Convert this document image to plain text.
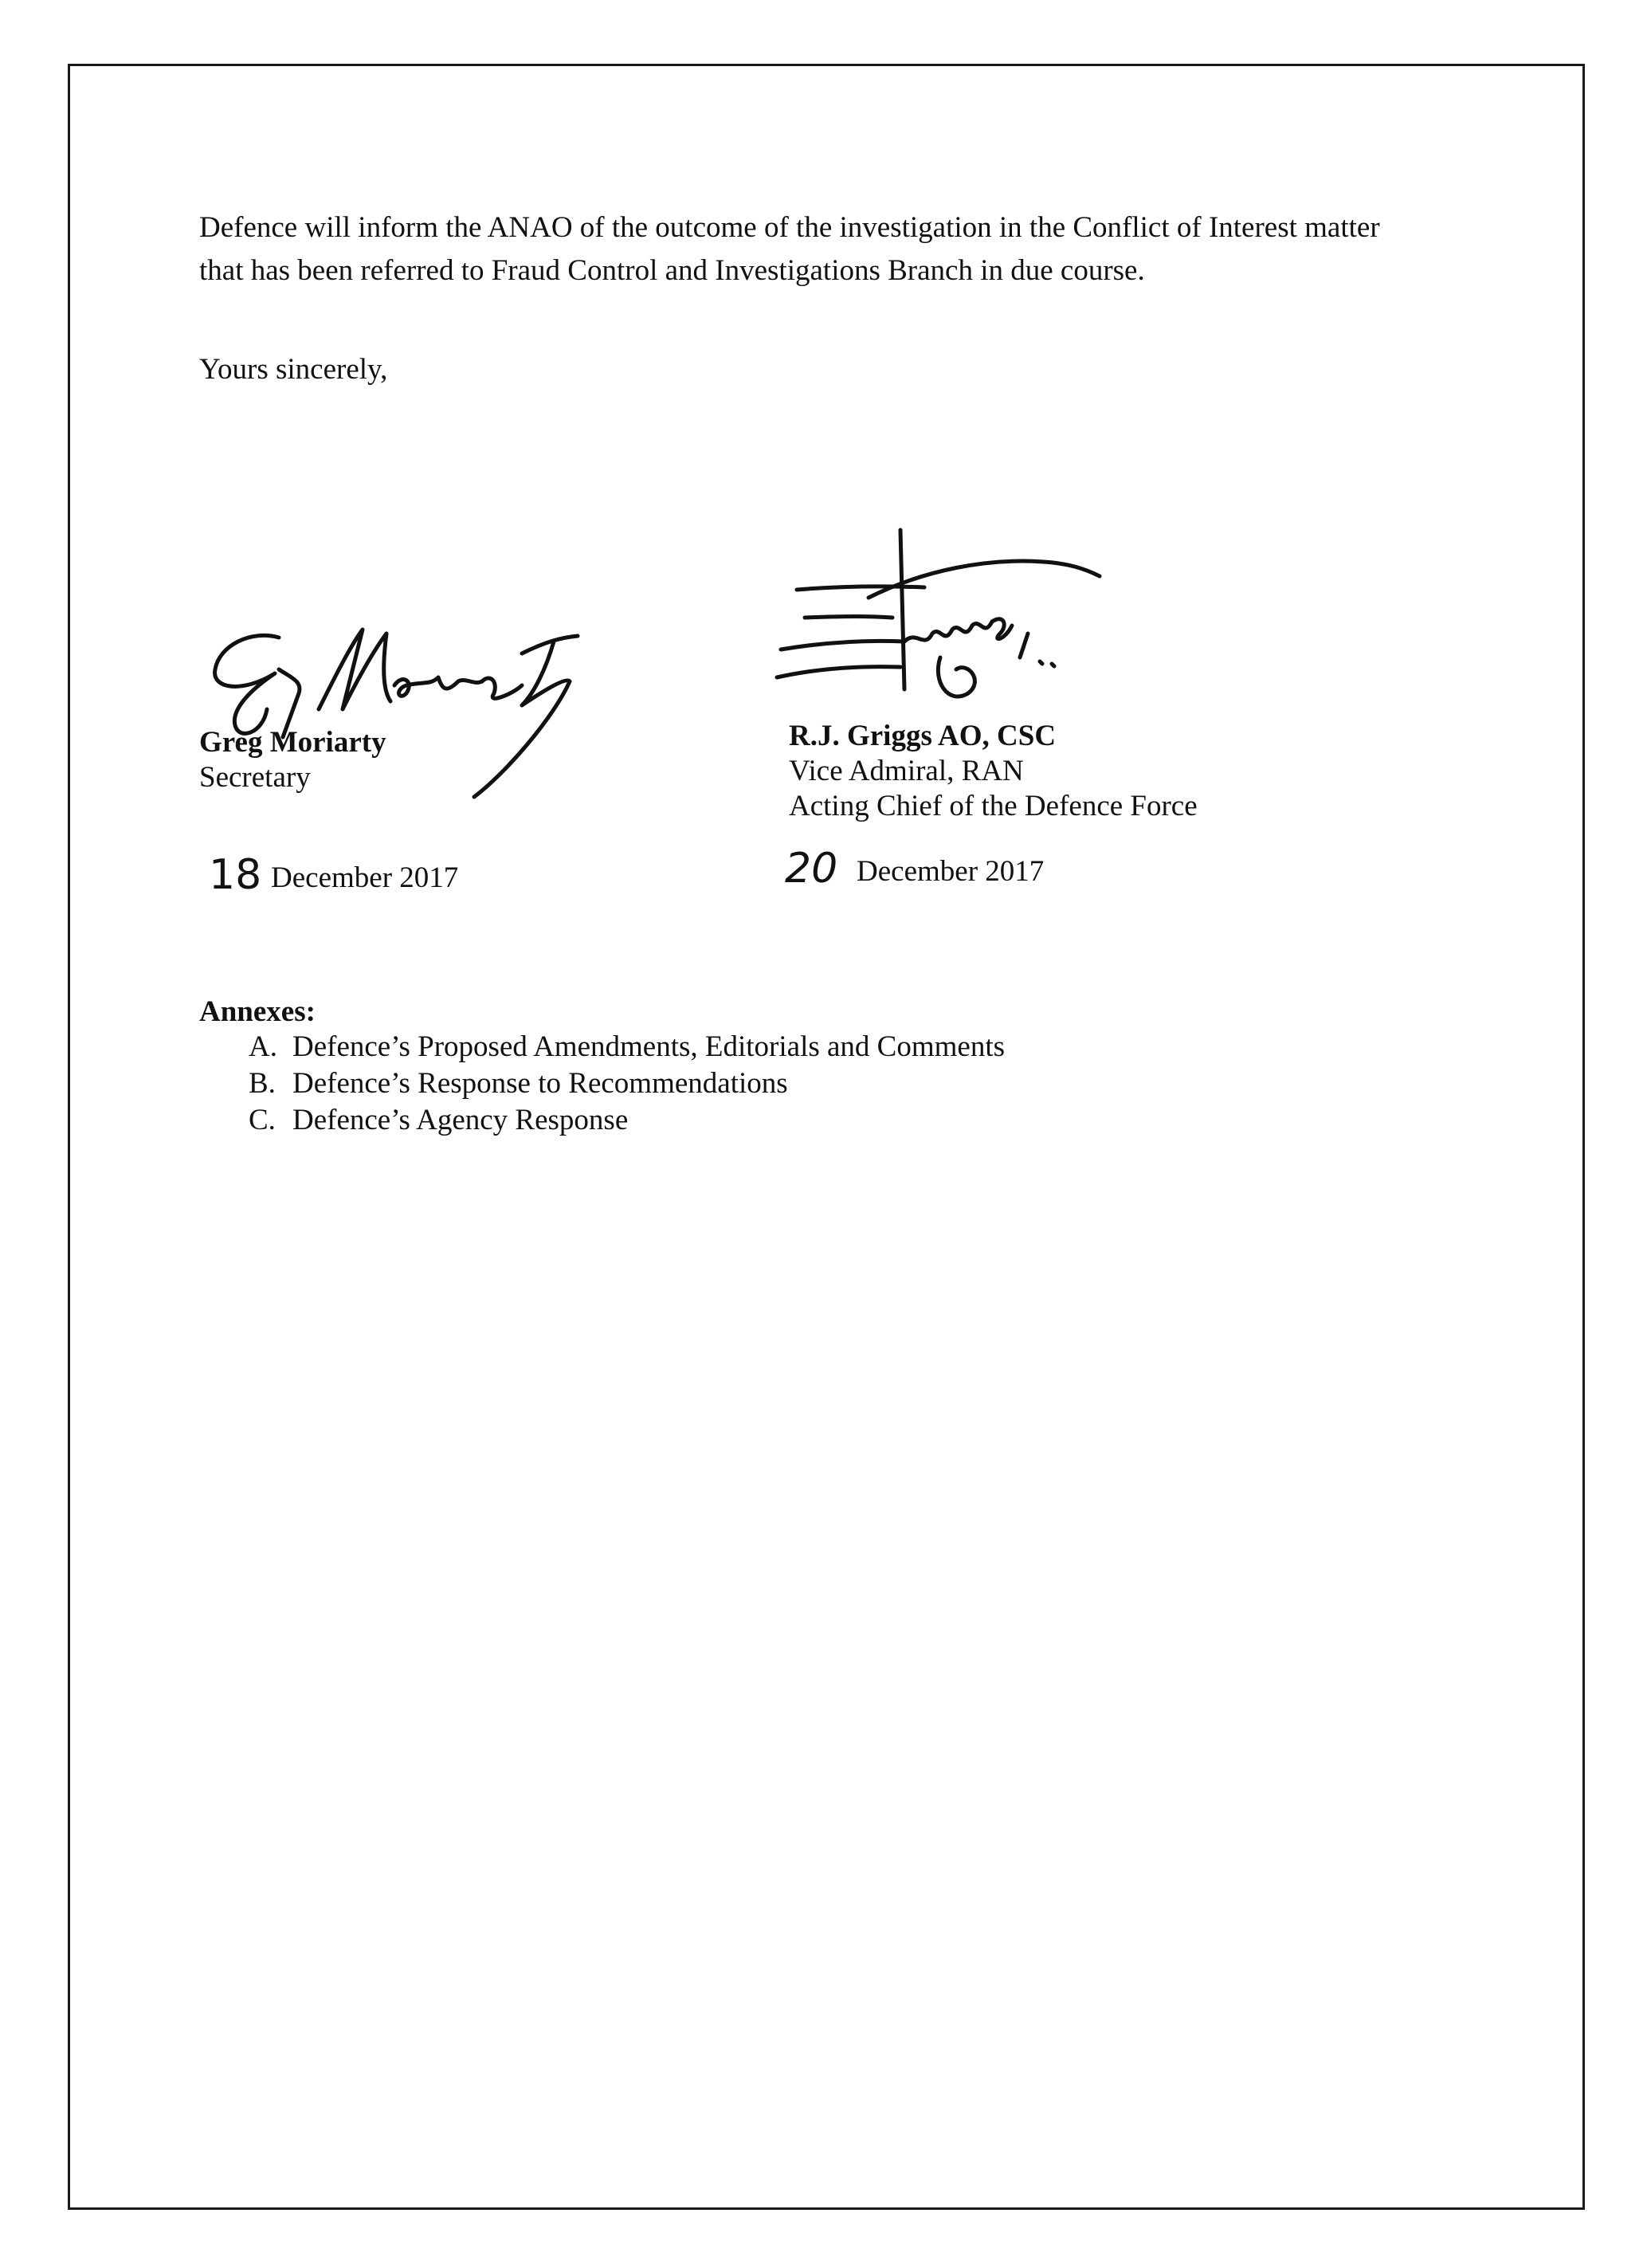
Defence will inform the ANAO of the outcome of the investigation in the Conflict of Interest matter
that has been referred to Fraud Control and Investigations Branch in due course.
Yours sincerely,
Greg Moriarty
Secretary
18 December 2017
R.J. Griggs AO, CSC
Vice Admiral, RAN
Acting Chief of the Defence Force
20 December 2017
Annexes:
A. Defence’s Proposed Amendments, Editorials and Comments
B. Defence’s Response to Recommendations
C. Defence’s Agency Response
